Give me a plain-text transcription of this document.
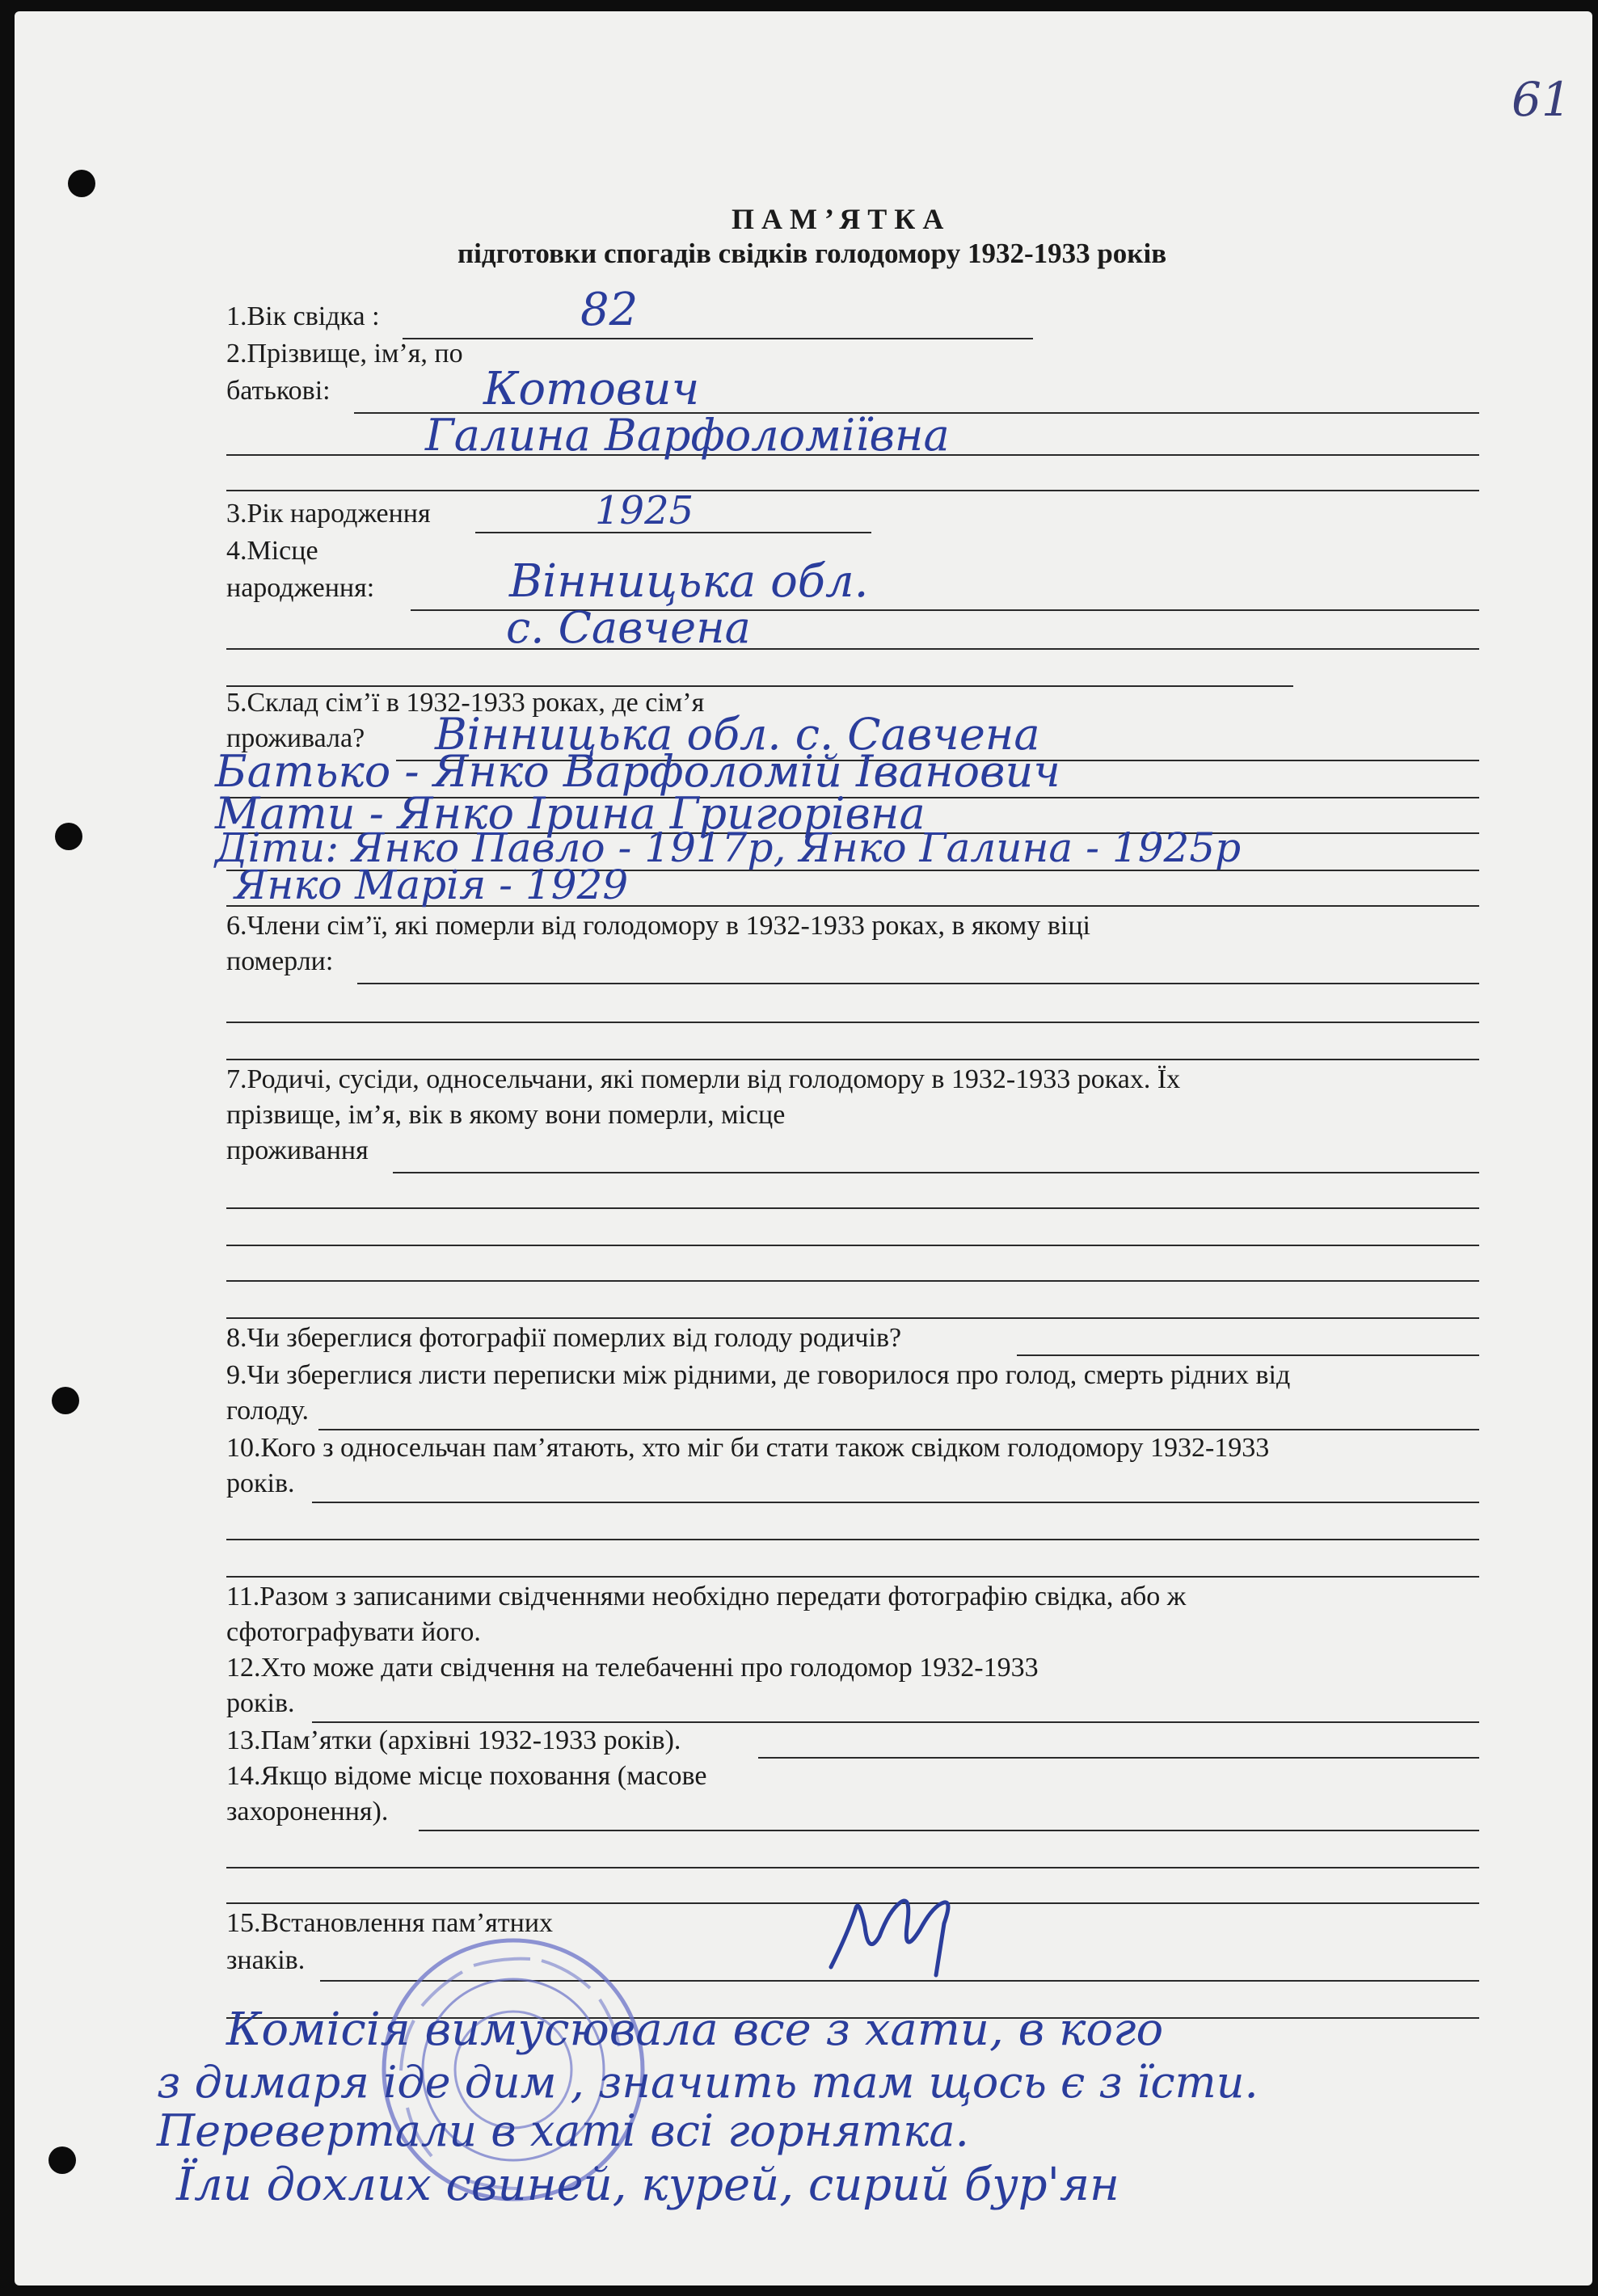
61
П А М ’ Я Т К А
підготовки спогадів свідків голодомору 1932-1933 років
1.Вік свідка :	82
2.Прізвище, ім’я, по
батькові:	Котович
Галина Варфоломіївна
3.Рік народження	1925
4.Місце
народження:	Вінницька обл.
с. Савчена
5.Склад сім’ї в 1932-1933 роках, де сім’я
проживала? Вінницька обл. с. Савчена
Батько - Янко Варфоломій Іванович
Мати - Янко Ірина Григорівна
Діти: Янко Павло - 1917р, Янко Галина - 1925р
Янко Марія - 1929
6.Члени сім’ї, які померли від голодомору в 1932-1933 роках, в якому віці
померли:
7.Родичі, сусіди, односельчани, які померли від голодомору в 1932-1933 роках. Їх
прізвище, ім’я, вік в якому вони померли, місце
проживання
8.Чи збереглися фотографії померлих від голоду родичів?
9.Чи збереглися листи переписки між рідними, де говорилося про голод, смерть рідних від
голоду.
10.Кого з односельчан пам’ятають, хто міг би стати також свідком голодомору 1932-1933
років.
11.Разом з записаними свідченнями необхідно передати фотографію свідка, або ж
сфотографувати його.
12.Хто може дати свідчення на телебаченні про голодомор 1932-1933
років.
13.Пам’ятки (архівні 1932-1933 років).
14.Якщо відоме місце поховання (масове
захоронення).
15.Встановлення пам’ятних
знаків.
Комісія вимусювала все з хати, в кого
з димаря іде дим , значить там щось є з їсти.
Перевертали в хаті всі горнятка.
Їли дохлих свиней, курей, сирий бур'ян
